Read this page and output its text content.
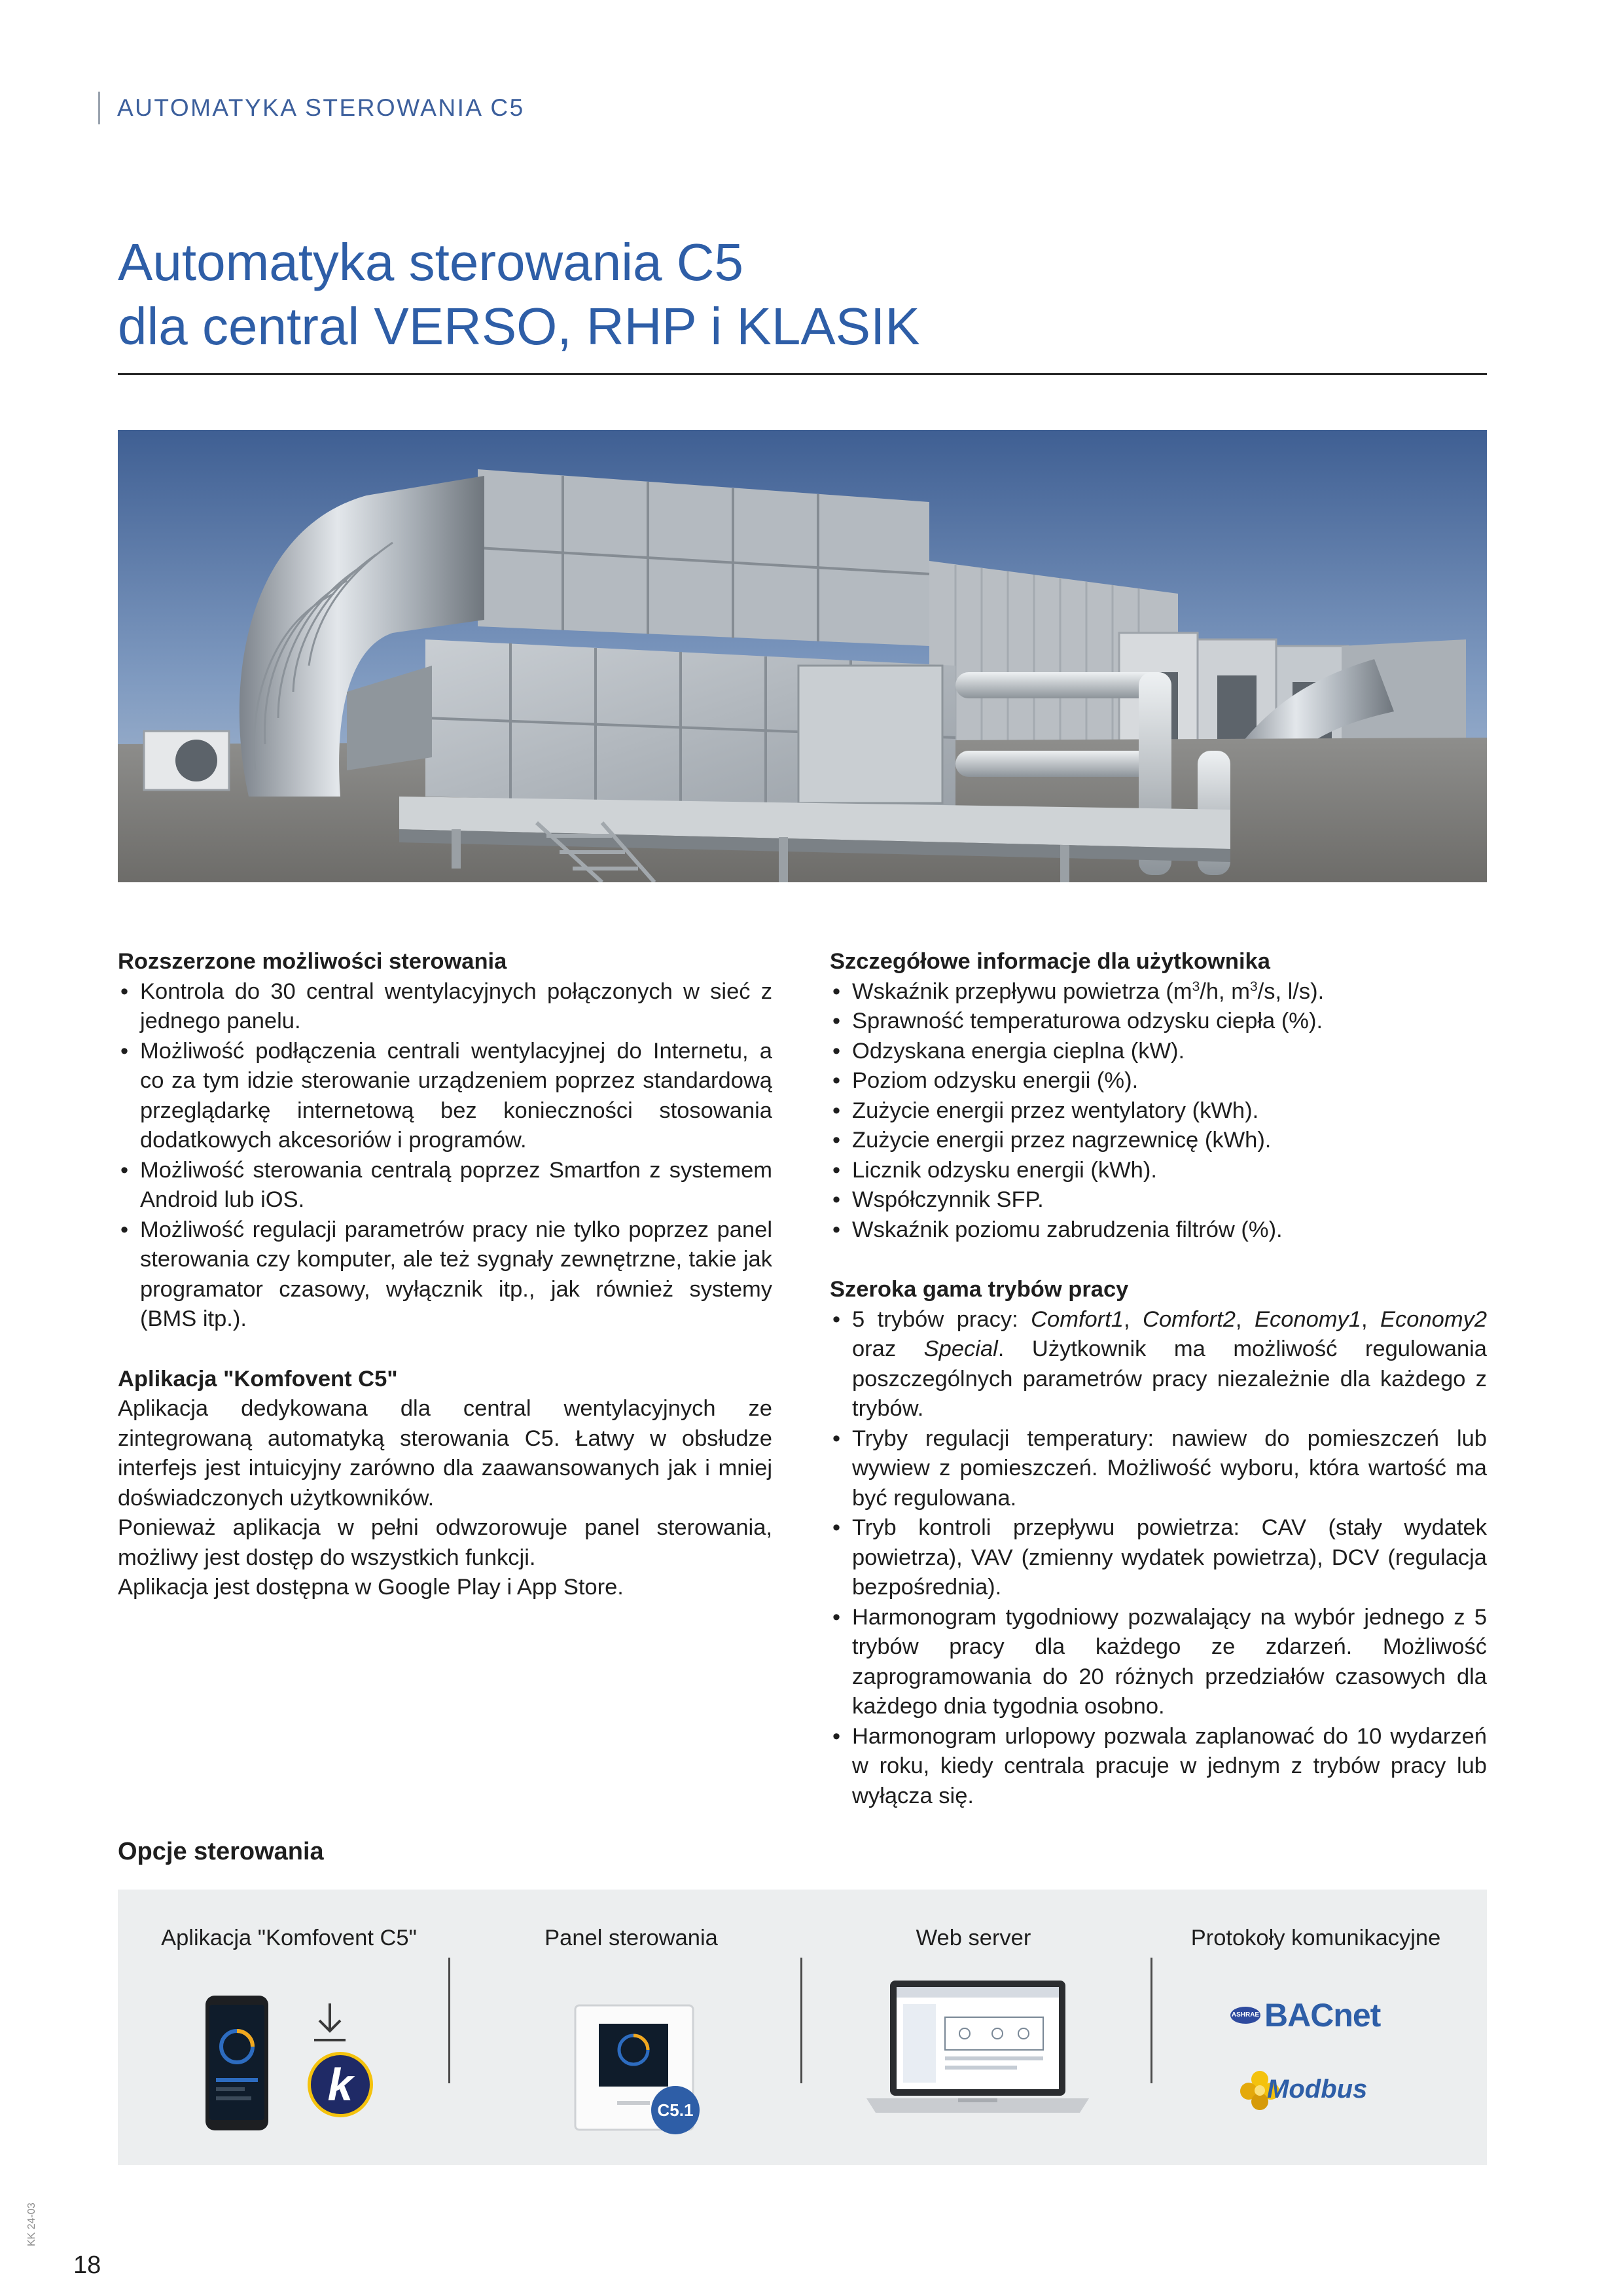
AUTOMATYKA STEROWANIA C5
Automatyka sterowania C5
dla central VERSO, RHP i KLASIK
Rozszerzone możliwości sterowania
• Kontrola do 30 central wentylacyjnych połączonych w sieć z jednego panelu.
• Możliwość podłączenia centrali wentylacyjnej do Internetu, a co za tym idzie sterowanie urządzeniem poprzez standardową przeglądarkę internetową bez konieczności stosowania dodatkowych akcesoriów i programów.
• Możliwość sterowania centralą poprzez Smartfon z systemem Android lub iOS.
• Możliwość regulacji parametrów pracy nie tylko poprzez panel sterowania czy komputer, ale też sygnały zewnętrzne, takie jak programator czasowy, wyłącznik itp., jak również systemy (BMS itp.).
Aplikacja "Komfovent C5"

Aplikacja dedykowana dla central wentylacyjnych ze zintegrowaną automatyką sterowania C5. Łatwy w obsłudze interfejs jest intuicyjny zarówno dla zaawansowanych jak i mniej doświadczonych użytkowników.

Ponieważ aplikacja w pełni odwzorowuje panel sterowania, możliwy jest dostęp do wszystkich funkcji.

Aplikacja jest dostępna w Google Play i App Store.

Szczegółowe informacje dla użytkownika
• Wskaźnik przepływu powietrza ($m^3/h$, $m^3/s$, l/s).
• Sprawność temperaturowa odzysku ciepła (%).
• Odzyskana energia cieplna (kW).
• Poziom odzysku energii (%).
• Zużycie energii przez wentylatory (kWh).
• Zużycie energii przez nagrzewnicę (kWh).
• Licznik odzysku energii (kWh).
• Współczynnik SFP.
• Wskaźnik poziomu zabrudzenia filtrów (%).
Szeroka gama trybów pracy
• 5 trybów pracy: Comfort1, Comfort2, Economy1, Economy2 oraz Special. Użytkownik ma możliwość regulowania poszczególnych parametrów pracy niezależnie dla każdego z trybów.
• Tryby regulacji temperatury: nawiew do pomieszczeń lub wywiew z pomieszczeń. Możliwość wyboru, która wartość ma być regulowana.
• Tryb kontroli przepływu powietrza: CAV (stały wydatek powietrza), VAV (zmienny wydatek powietrza), DCV (regulacja bezpośrednia).
• Harmonogram tygodniowy pozwalający na wybór jednego z 5 trybów pracy dla każdego ze zdarzeń. Możliwość zaprogramowania do 20 różnych przedziałów czasowych dla każdego dnia tygodnia osobno.
• Harmonogram urlopowy pozwala zaplanować do 10 wydarzeń w roku, kiedy centrala pracuje w jednym z trybów pracy lub wyłącza się.
Opcje sterowania
Aplikacja "Komfovent C5"	Panel sterowania	Web server	Protokoły komunikacyjne
k	C5.1
ASHRAE BACnet
Modbus
KK 24-03
18
